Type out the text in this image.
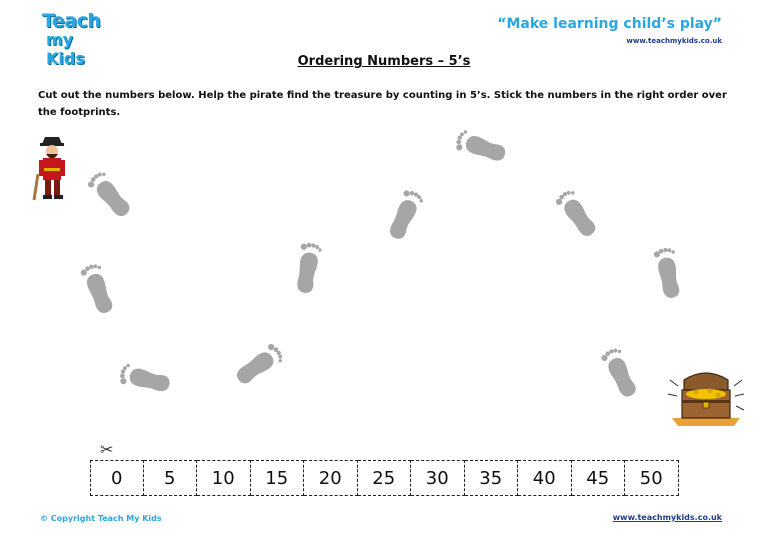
Teach
my Kids
“Make learning child’s play”
www.teachmykids.co.uk
Ordering Numbers – 5’s
Cut out the numbers below. Help the pirate find the treasure by counting in 5’s. Stick the numbers in the right order over the footprints.
✂
0	5	10	15	20	25	30	35	40	45	50
© Copyright Teach My Kids	www.teachmykids.co.uk
